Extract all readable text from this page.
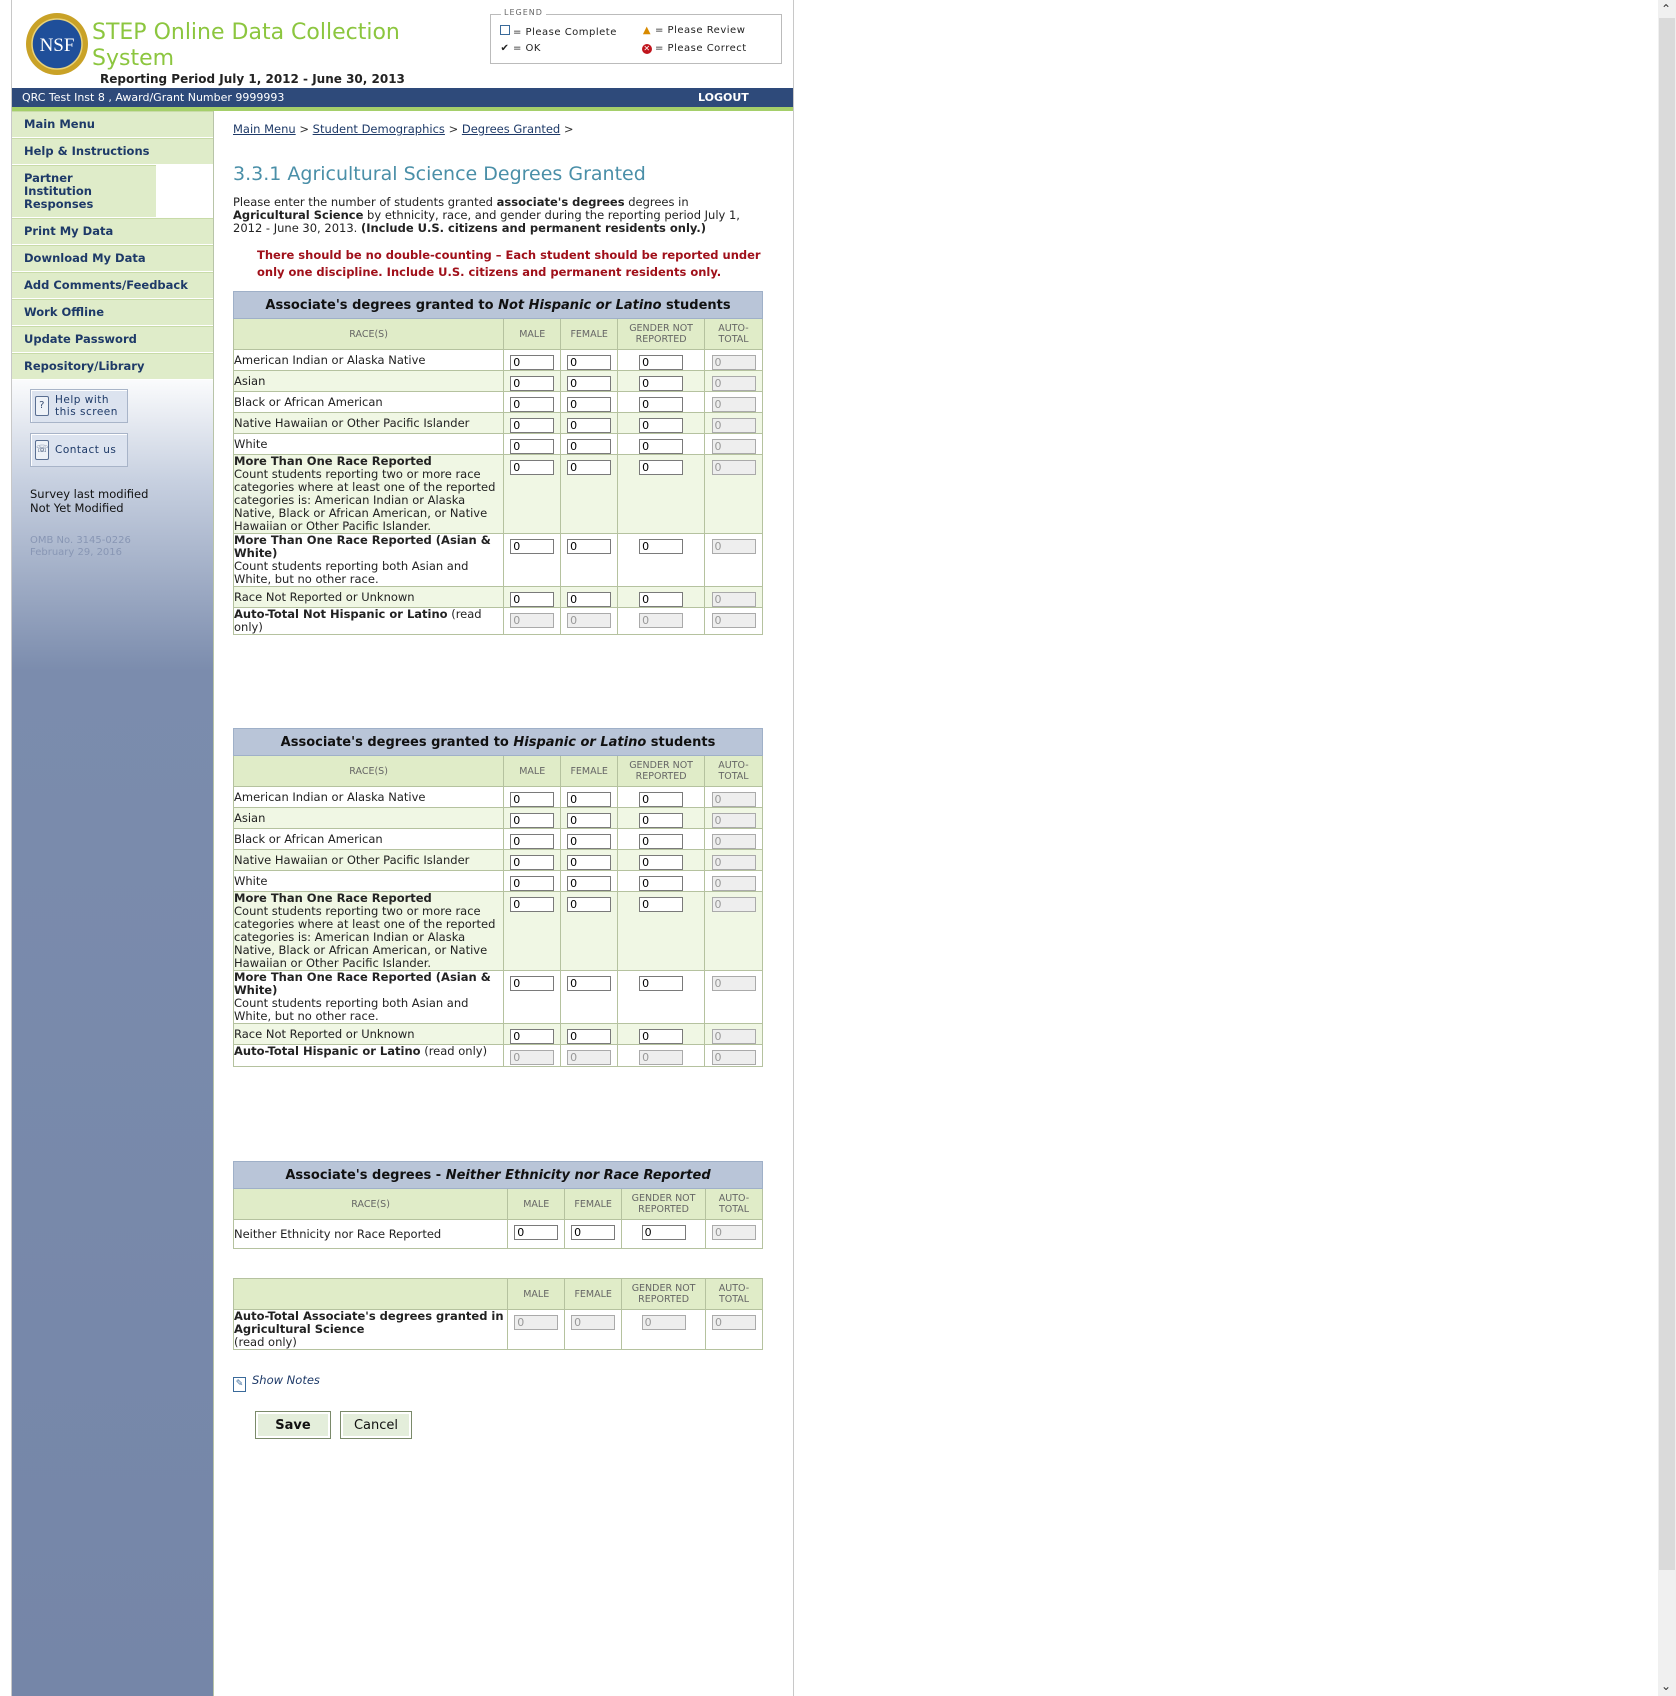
NSF
STEP Online Data Collection System
Reporting Period July 1, 2012 - June 30, 2013
LEGEND
= Please Complete
✔ = OK
▲ = Please Review
✕ = Please Correct
QRC Test Inst 8 , Award/Grant Number 9999993	LOGOUT
Main Menu
Help & Instructions
Partner Institution Responses
Print My Data
Download My Data
Add Comments/Feedback
Work Offline
Update Password
Repository/Library
? Help with this screen
☏ Contact us
Survey last modified
Not Yet Modified
OMB No. 3145-0226
February 29, 2016
Main Menu > Student Demographics > Degrees Granted >
3.3.1 Agricultural Science Degrees Granted
Please enter the number of students granted associate's degrees degrees in Agricultural Science by ethnicity, race, and gender during the reporting period July 1, 2012 - June 30, 2013. (Include U.S. citizens and permanent residents only.)
There should be no double-counting – Each student should be reported under only one discipline. Include U.S. citizens and permanent residents only.
Associate's degrees granted to Not Hispanic or Latino students				
RACE(S)	MALE	FEMALE	GENDER NOT REPORTED	AUTO-TOTAL
American Indian or Alaska Native	0	0	0	0
Asian	0	0	0	0
Black or African American	0	0	0	0
Native Hawaiian or Other Pacific Islander	0	0	0	0
White	0	0	0	0
More Than One Race Reported
Count students reporting two or more race categories where at least one of the reported categories is: American Indian or Alaska Native, Black or African American, or Native Hawaiian or Other Pacific Islander.	0	0	0	0
More Than One Race Reported (Asian & White)
Count students reporting both Asian and White, but no other race.	0	0	0	0
Race Not Reported or Unknown	0	0	0	0
Auto-Total Not Hispanic or Latino (read only)	0	0	0	0
Associate's degrees granted to Hispanic or Latino students				
RACE(S)	MALE	FEMALE	GENDER NOT REPORTED	AUTO-TOTAL
American Indian or Alaska Native	0	0	0	0
Asian	0	0	0	0
Black or African American	0	0	0	0
Native Hawaiian or Other Pacific Islander	0	0	0	0
White	0	0	0	0
More Than One Race Reported
Count students reporting two or more race categories where at least one of the reported categories is: American Indian or Alaska Native, Black or African American, or Native Hawaiian or Other Pacific Islander.	0	0	0	0
More Than One Race Reported (Asian & White)
Count students reporting both Asian and White, but no other race.	0	0	0	0
Race Not Reported or Unknown	0	0	0	0
Auto-Total Hispanic or Latino (read only)	0	0	0	0
Associate's degrees - Neither Ethnicity nor Race Reported				
RACE(S)	MALE	FEMALE	GENDER NOT REPORTED	AUTO-TOTAL
Neither Ethnicity nor Race Reported	0	0	0	0
	MALE	FEMALE	GENDER NOT REPORTED	AUTO-TOTAL
Auto-Total Associate's degrees granted in Agricultural Science
(read only)	0	0	0	0
✎ Show Notes
Save	Cancel
⌃
⌄
